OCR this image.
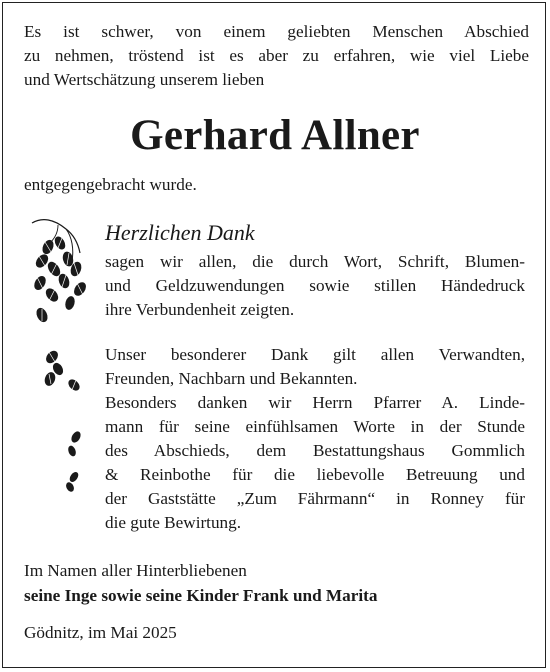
Es ist schwer, von einem geliebten Menschen Abschied
zu nehmen, tröstend ist es aber zu erfahren, wie viel Liebe
und Wertschätzung unserem lieben
Gerhard Allner
entgegengebracht wurde.
Herzlichen Dank
sagen wir allen, die durch Wort, Schrift, Blumen-
und Geldzuwendungen sowie stillen Händedruck
ihre Verbundenheit zeigten.
Unser besonderer Dank gilt allen Verwandten,
Freunden, Nachbarn und Bekannten.
Besonders danken wir Herrn Pfarrer A. Linde-
mann für seine einfühlsamen Worte in der Stunde
des Abschieds, dem Bestattungshaus Gommlich
& Reinbothe für die liebevolle Betreuung und
der Gaststätte „Zum Fährmann“ in Ronney für
die gute Bewirtung.
Im Namen aller Hinterbliebenen
seine Inge sowie seine Kinder Frank und Marita
Gödnitz, im Mai 2025
